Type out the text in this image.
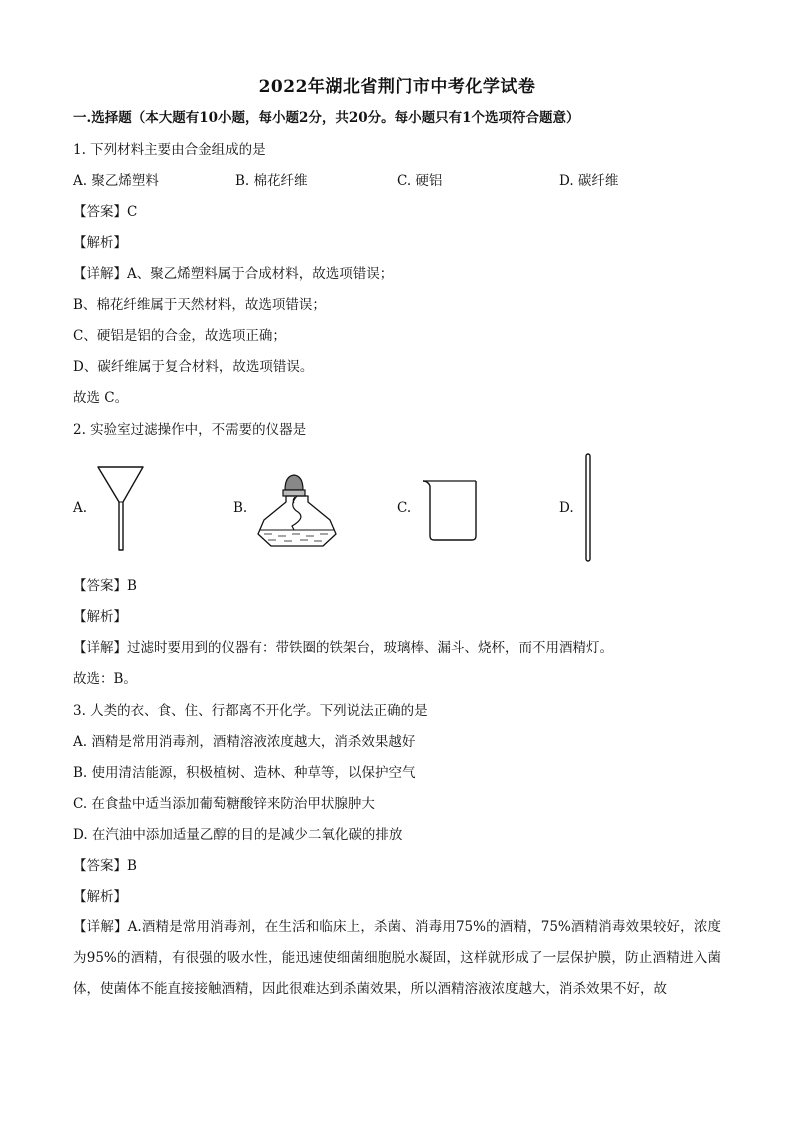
2022年湖北省荆门市中考化学试卷
一.选择题（本大题有10小题，每小题2分，共20分。每小题只有1个选项符合题意）
1. 下列材料主要由合金组成的是
A. 聚乙烯塑料	B. 棉花纤维	C. 硬铝	D. 碳纤维
【答案】C
【解析】
【详解】A、聚乙烯塑料属于合成材料，故选项错误；
B、棉花纤维属于天然材料，故选项错误；
C、硬铝是铝的合金，故选项正确；
D、碳纤维属于复合材料，故选项错误。
故选 C。
2. 实验室过滤操作中，不需要的仪器是
A.	B.	C.	D.
【答案】B
【解析】
【详解】过滤时要用到的仪器有：带铁圈的铁架台，玻璃棒、漏斗、烧杯，而不用酒精灯。
故选：B。
3. 人类的衣、食、住、行都离不开化学。下列说法正确的是
A. 酒精是常用消毒剂，酒精溶液浓度越大，消杀效果越好
B. 使用清洁能源，积极植树、造林、种草等，以保护空气
C. 在食盐中适当添加葡萄糖酸锌来防治甲状腺肿大
D. 在汽油中添加适量乙醇的目的是减少二氧化碳的排放
【答案】B
【解析】
【详解】A.酒精是常用消毒剂，在生活和临床上，杀菌、消毒用75%的酒精，75%酒精消毒效果较好，浓度为95%的酒精，有很强的吸水性，能迅速使细菌细胞脱水凝固，这样就形成了一层保护膜，防止酒精进入菌体，使菌体不能直接接触酒精，因此很难达到杀菌效果，所以酒精溶液浓度越大，消杀效果不好，故
